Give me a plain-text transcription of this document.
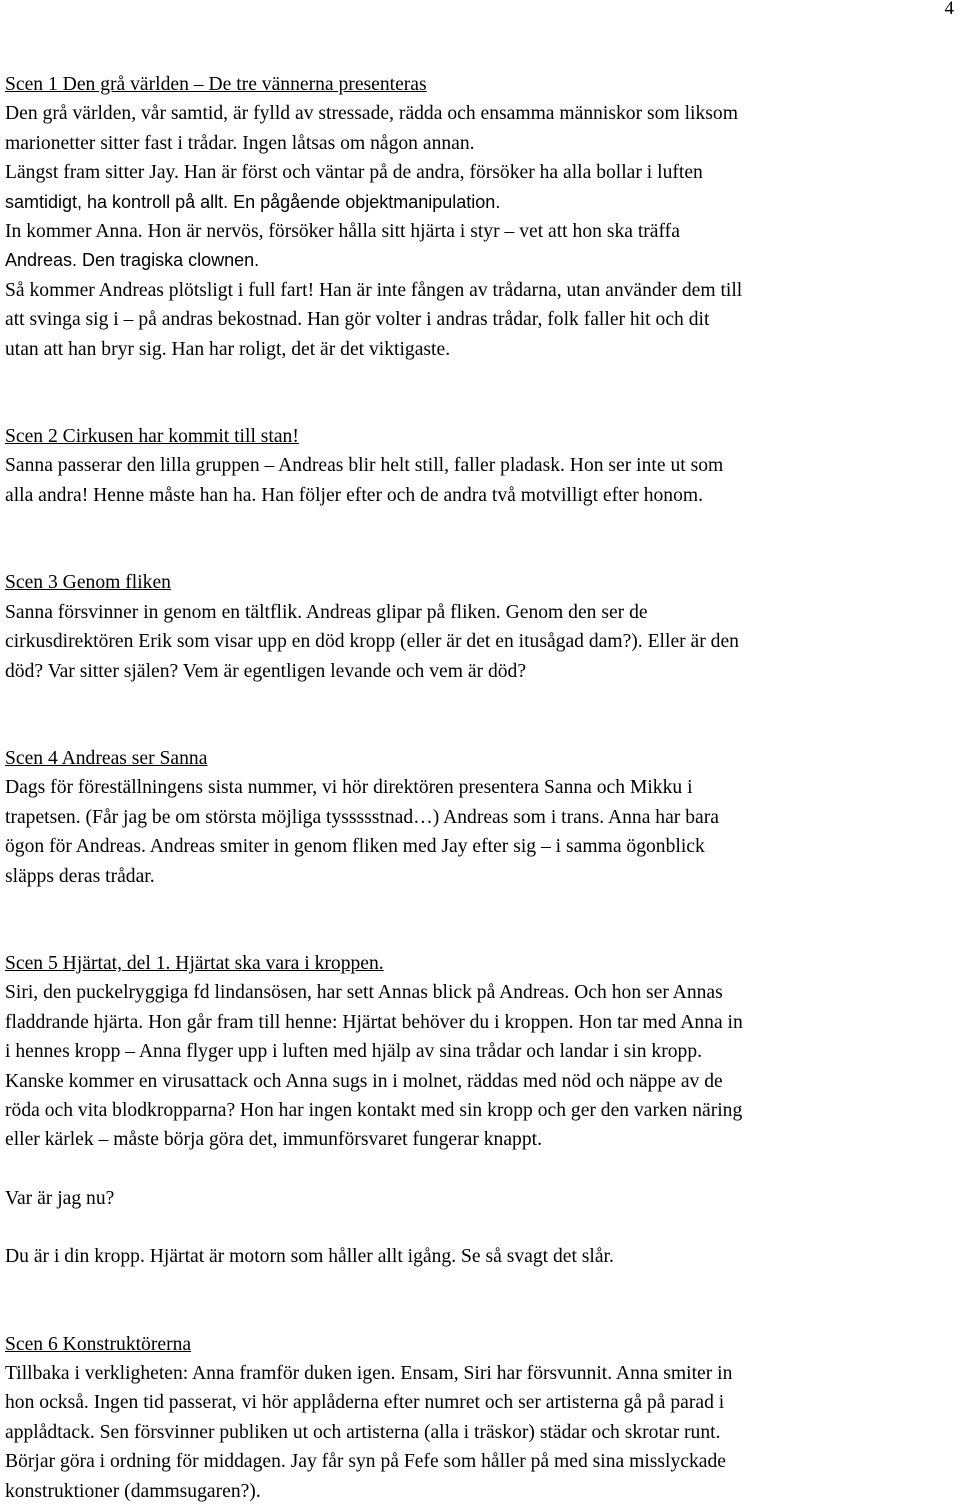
4
Scen 1 Den grå världen – De tre vännerna presenteras
Den grå världen, vår samtid, är fylld av stressade, rädda och ensamma människor som liksom
marionetter sitter fast i trådar. Ingen låtsas om någon annan.
Längst fram sitter Jay. Han är först och väntar på de andra, försöker ha alla bollar i luften
samtidigt, ha kontroll på allt. En pågående objektmanipulation.
In kommer Anna. Hon är nervös, försöker hålla sitt hjärta i styr – vet att hon ska träffa
Andreas. Den tragiska clownen.
Så kommer Andreas plötsligt i full fart! Han är inte fången av trådarna, utan använder dem till
att svinga sig i – på andras bekostnad. Han gör volter i andras trådar, folk faller hit och dit
utan att han bryr sig. Han har roligt, det är det viktigaste.
Scen 2 Cirkusen har kommit till stan!
Sanna passerar den lilla gruppen – Andreas blir helt still, faller pladask. Hon ser inte ut som
alla andra! Henne måste han ha. Han följer efter och de andra två motvilligt efter honom.
Scen 3 Genom fliken
Sanna försvinner in genom en tältflik. Andreas glipar på fliken. Genom den ser de
cirkusdirektören Erik som visar upp en död kropp (eller är det en itusågad dam?). Eller är den
död? Var sitter själen? Vem är egentligen levande och vem är död?
Scen 4 Andreas ser Sanna
Dags för föreställningens sista nummer, vi hör direktören presentera Sanna och Mikku i
trapetsen. (Får jag be om största möjliga tyssssstnad…) Andreas som i trans. Anna har bara
ögon för Andreas. Andreas smiter in genom fliken med Jay efter sig – i samma ögonblick
släpps deras trådar.
Scen 5 Hjärtat, del 1. Hjärtat ska vara i kroppen.
Siri, den puckelryggiga fd lindansösen, har sett Annas blick på Andreas. Och hon ser Annas
fladdrande hjärta. Hon går fram till henne: Hjärtat behöver du i kroppen. Hon tar med Anna in
i hennes kropp – Anna flyger upp i luften med hjälp av sina trådar och landar i sin kropp.
Kanske kommer en virusattack och Anna sugs in i molnet, räddas med nöd och näppe av de
röda och vita blodkropparna? Hon har ingen kontakt med sin kropp och ger den varken näring
eller kärlek – måste börja göra det, immunförsvaret fungerar knappt.
Var är jag nu?
Du är i din kropp. Hjärtat är motorn som håller allt igång. Se så svagt det slår.
Scen 6 Konstruktörerna
Tillbaka i verkligheten: Anna framför duken igen. Ensam, Siri har försvunnit. Anna smiter in
hon också. Ingen tid passerat, vi hör applåderna efter numret och ser artisterna gå på parad i
applådtack. Sen försvinner publiken ut och artisterna (alla i träskor) städar och skrotar runt.
Börjar göra i ordning för middagen. Jay får syn på Fefe som håller på med sina misslyckade
konstruktioner (dammsugaren?).
